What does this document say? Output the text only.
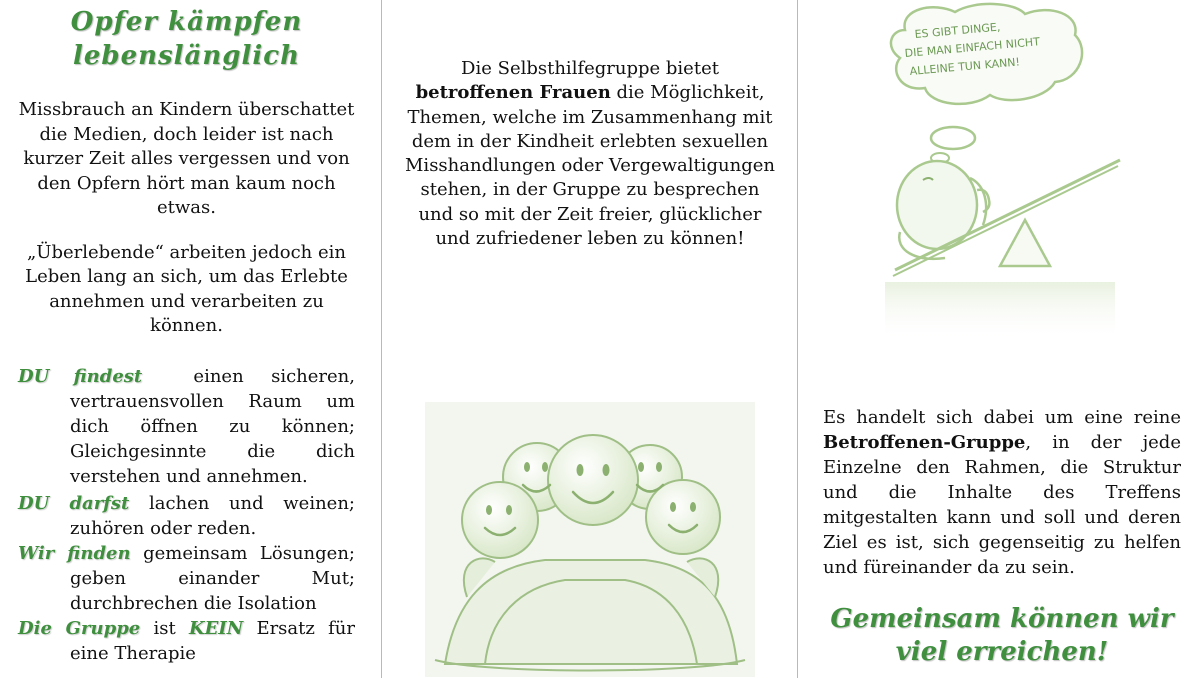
Opfer kämpfen
lebenslänglich

Missbrauch an Kindern überschattet die Medien, doch leider ist nach kurzer Zeit alles vergessen und von den Opfern hört man kaum noch etwas.

„Überlebende“ arbeiten jedoch ein Leben lang an sich, um das Erlebte annehmen und verarbeiten zu können.

DU findest	einen sicheren, vertrauensvollen Raum um dich öffnen zu können; Gleichgesinnte die dich verstehen und annehmen.
DU darfst lachen und weinen; zuhören oder reden.
Wir finden gemeinsam Lösungen; geben einander Mut; durchbrechen die Isolation
Die Gruppe ist KEIN Ersatz für eine Therapie

Die Selbsthilfegruppe bietet betroffenen Frauen die Möglichkeit, Themen, welche im Zusammenhang mit dem in der Kindheit erlebten sexuellen Misshandlungen oder Vergewaltigungen stehen, in der Gruppe zu besprechen und so mit der Zeit freier, glücklicher und zufriedener leben zu können!

ES GIBT DINGE,
DIE MAN EINFACH NICHT
ALLEINE TUN KANN!

Es handelt sich dabei um eine reine Betroffenen-Gruppe, in der jede Einzelne den Rahmen, die Struktur und die Inhalte des Treffens mitgestalten kann und soll und deren Ziel es ist, sich gegenseitig zu helfen und füreinander da zu sein.

Gemeinsam können wir
viel erreichen!
